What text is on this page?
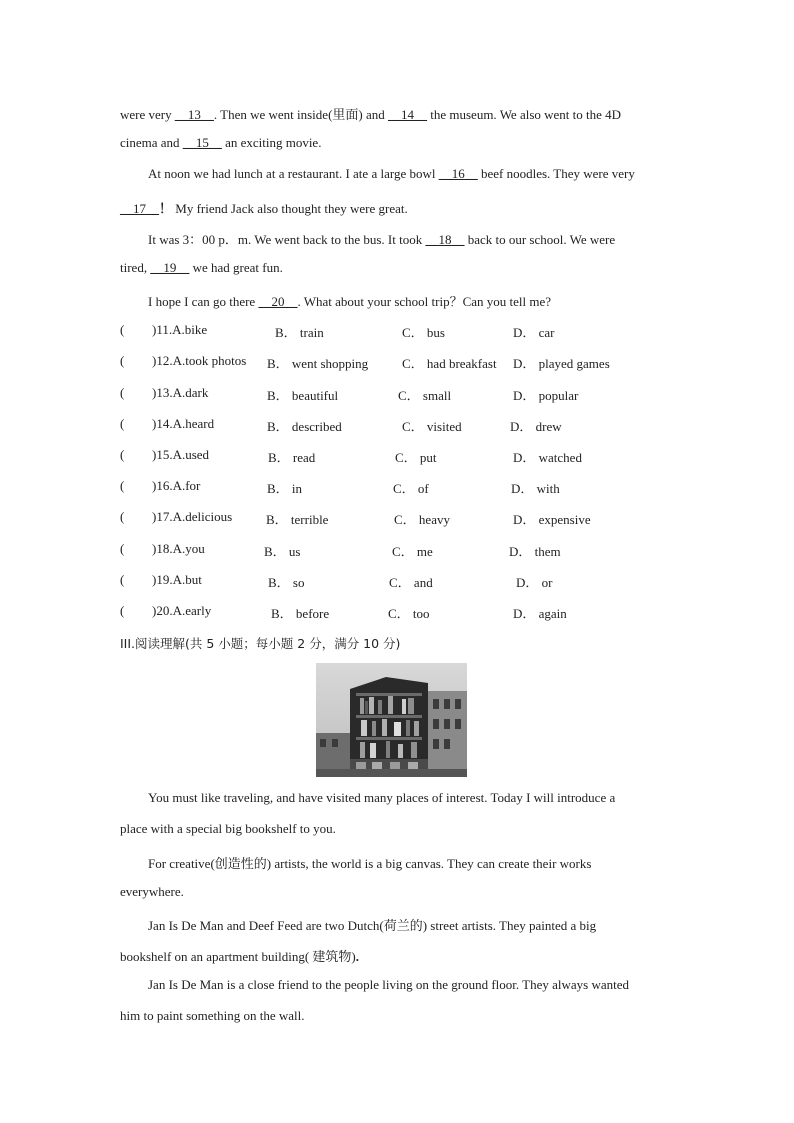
were very __13__. Then we went inside(里面) and __14__ the museum. We also went to the 4D
cinema and __15__ an exciting movie.
At noon we had lunch at a restaurant. I ate a large bowl __16__ beef noodles. They were very
__17__！ My friend Jack also thought they were great.
It was 3：00 p．m. We went back to the bus. It took __18__ back to our school. We were
tired, __19__ we had great fun.
I hope I can go there __20__. What about your school trip？Can you tell me?
( )11.A.bike	B． train	C． bus	D． car
( )12.A.took photos B． went shopping	C． had breakfast D． played games
( )13.A.dark	B． beautiful	C． small	D． popular
( )14.A.heard	B． described	C． visited	D． drew
( )15.A.used	B． read	C． put	D． watched
( )16.A.for	B． in	C． of	D． with
( )17.A.delicious	B． terrible	C． heavy	D． expensive
( )18.A.you	B． us	C． me	D． them
( )19.A.but	B． so	C． and	D． or
( )20.A.early	B． before	C． too	D． again
III.阅读理解(共 5 小题；每小题 2 分，满分 10 分)
You must like traveling, and have visited many places of interest. Today I will introduce a
place with a special big bookshelf to you.
For creative(创造性的) artists, the world is a big canvas. They can create their works
everywhere.
Jan Is De Man and Deef Feed are two Dutch(荷兰的) street artists. They painted a big
bookshelf on an apartment building( 建筑物).
Jan Is De Man is a close friend to the people living on the ground floor. They always wanted
him to paint something on the wall.
